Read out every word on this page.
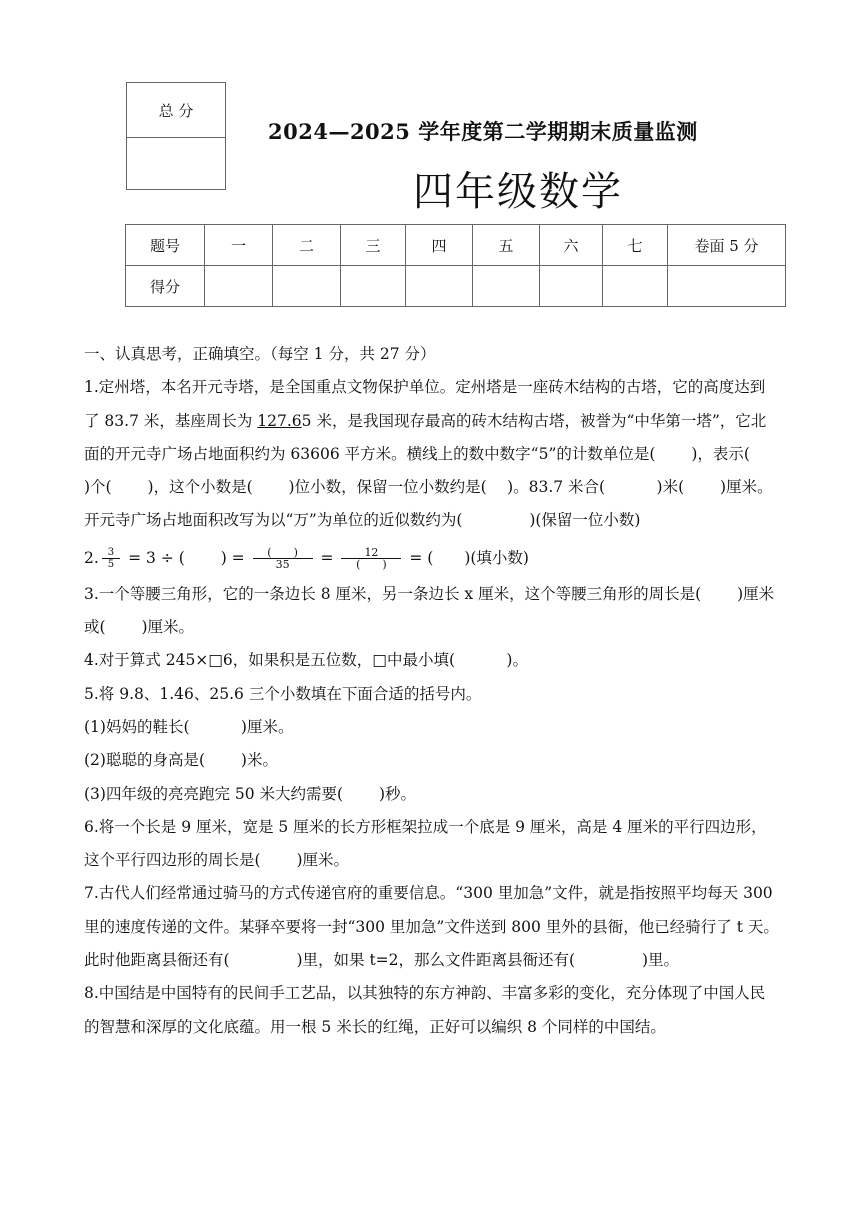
总 分

2024—2025 学年度第二学期期末质量监测
四年级数学
题号	一	二	三	四	五	六	七	卷面 5 分
得分								

一、认真思考，正确填空。（每空 1 分，共 27 分）

1.定州塔，本名开元寺塔，是全国重点文物保护单位。定州塔是一座砖木结构的古塔，它的高度达到了 83.7 米，基座周长为 127.65 米，是我国现存最高的砖木结构古塔，被誉为“中华第一塔”，它北面的开元寺广场占地面积约为 63606 平方米。横线上的数中数字“5”的计数单位是(　　 )，表示(　　 )个(　　 )，这个小数是(　　 )位小数，保留一位小数约是(　 )。83.7 米合(　　　 )米(　　 )厘米。开元寺广场占地面积改写为以“万”为单位的近似数约为(　　　　 )(保留一位小数)

2. $\frac{3}{5} = 3$ ÷ (　　 ) = $\frac{( )}{35} = \frac{12}{( )}$ = (　　)(填小数)

3.一个等腰三角形，它的一条边长 8 厘米，另一条边长 x 厘米，这个等腰三角形的周长是(　　 )厘米或(　　 )厘米。

4.对于算式 245×□6，如果积是五位数，□中最小填(　　　 )。

5.将 9.8、1.46、25.6 三个小数填在下面合适的括号内。

(1)妈妈的鞋长(　　　 )厘米。

(2)聪聪的身高是(　　 )米。

(3)四年级的亮亮跑完 50 米大约需要(　　 )秒。

6.将一个长是 9 厘米，宽是 5 厘米的长方形框架拉成一个底是 9 厘米，高是 4 厘米的平行四边形，这个平行四边形的周长是(　　 )厘米。

7.古代人们经常通过骑马的方式传递官府的重要信息。“300 里加急”文件，就是指按照平均每天 300 里的速度传递的文件。某驿卒要将一封“300 里加急”文件送到 800 里外的县衙，他已经骑行了 t 天。此时他距离县衙还有(　　　　 )里，如果 t=2，那么文件距离县衙还有(　　　　 )里。

8.中国结是中国特有的民间手工艺品，以其独特的东方神韵、丰富多彩的变化，充分体现了中国人民的智慧和深厚的文化底蕴。用一根 5 米长的红绳，正好可以编织 8 个同样的中国结。
